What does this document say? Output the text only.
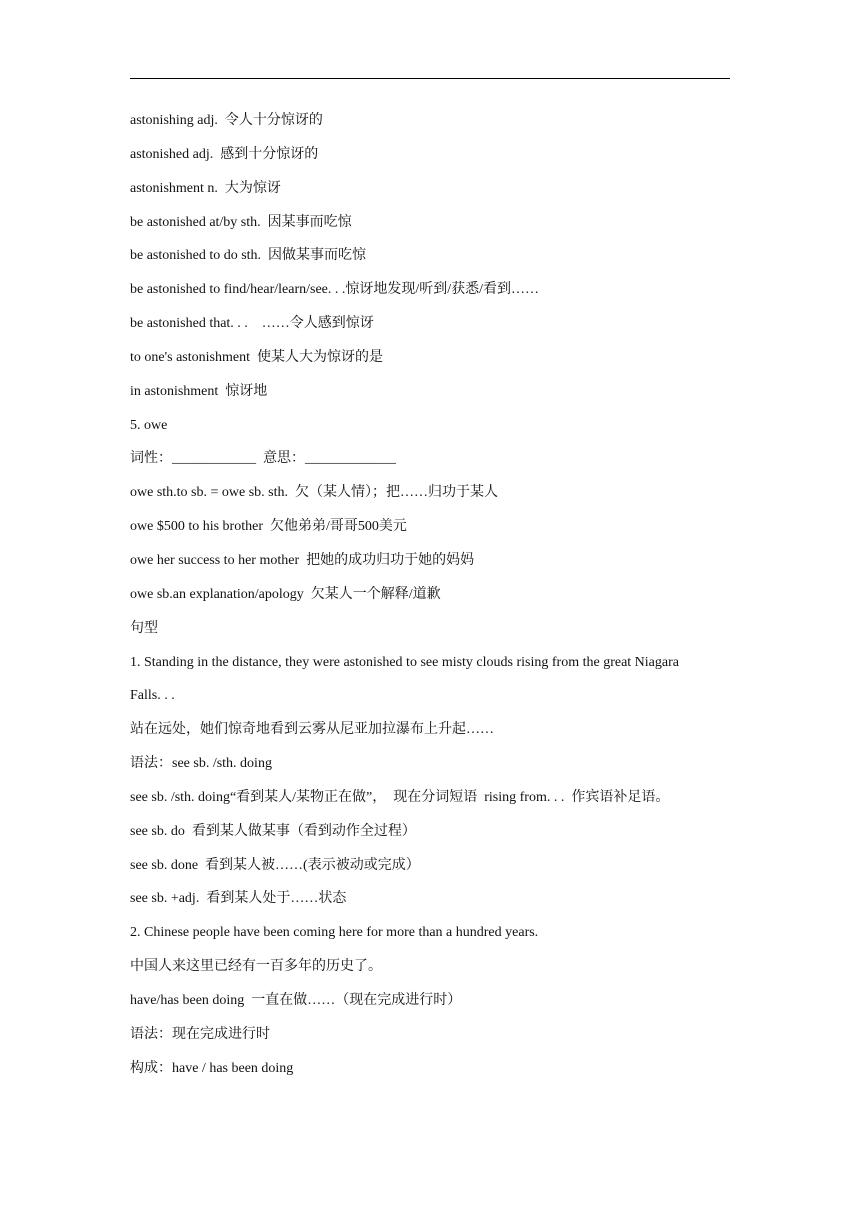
astonishing adj.  令人十分惊讶的
astonished adj.  感到十分惊讶的
astonishment n.  大为惊讶
be astonished at/by sth.  因某事而吃惊
be astonished to do sth.  因做某事而吃惊
be astonished to find/hear/learn/see. . .惊讶地发现/听到/获悉/看到……
be astonished that. . .    ……令人感到惊讶
to one's astonishment  使某人大为惊讶的是
in astonishment  惊讶地
5. owe
词性：____________  意思：_____________
owe sth.to sb. = owe sb. sth.  欠（某人情）；把……归功于某人
owe $500 to his brother  欠他弟弟/哥哥500美元
owe her success to her mother  把她的成功归功于她的妈妈
owe sb.an explanation/apology  欠某人一个解释/道歉
句型
1. Standing in the distance, they were astonished to see misty clouds rising from the great Niagara
Falls. . .
站在远处，她们惊奇地看到云雾从尼亚加拉瀑布上升起……
语法：see sb. /sth. doing
see sb. /sth. doing“看到某人/某物正在做”，  现在分词短语  rising from. . .  作宾语补足语。
see sb. do  看到某人做某事（看到动作全过程）
see sb. done  看到某人被……(表示被动或完成）
see sb. +adj.  看到某人处于……状态
2. Chinese people have been coming here for more than a hundred years.
中国人来这里已经有一百多年的历史了。
have/has been doing  一直在做……（现在完成进行时）
语法：现在完成进行时
构成：have / has been doing
